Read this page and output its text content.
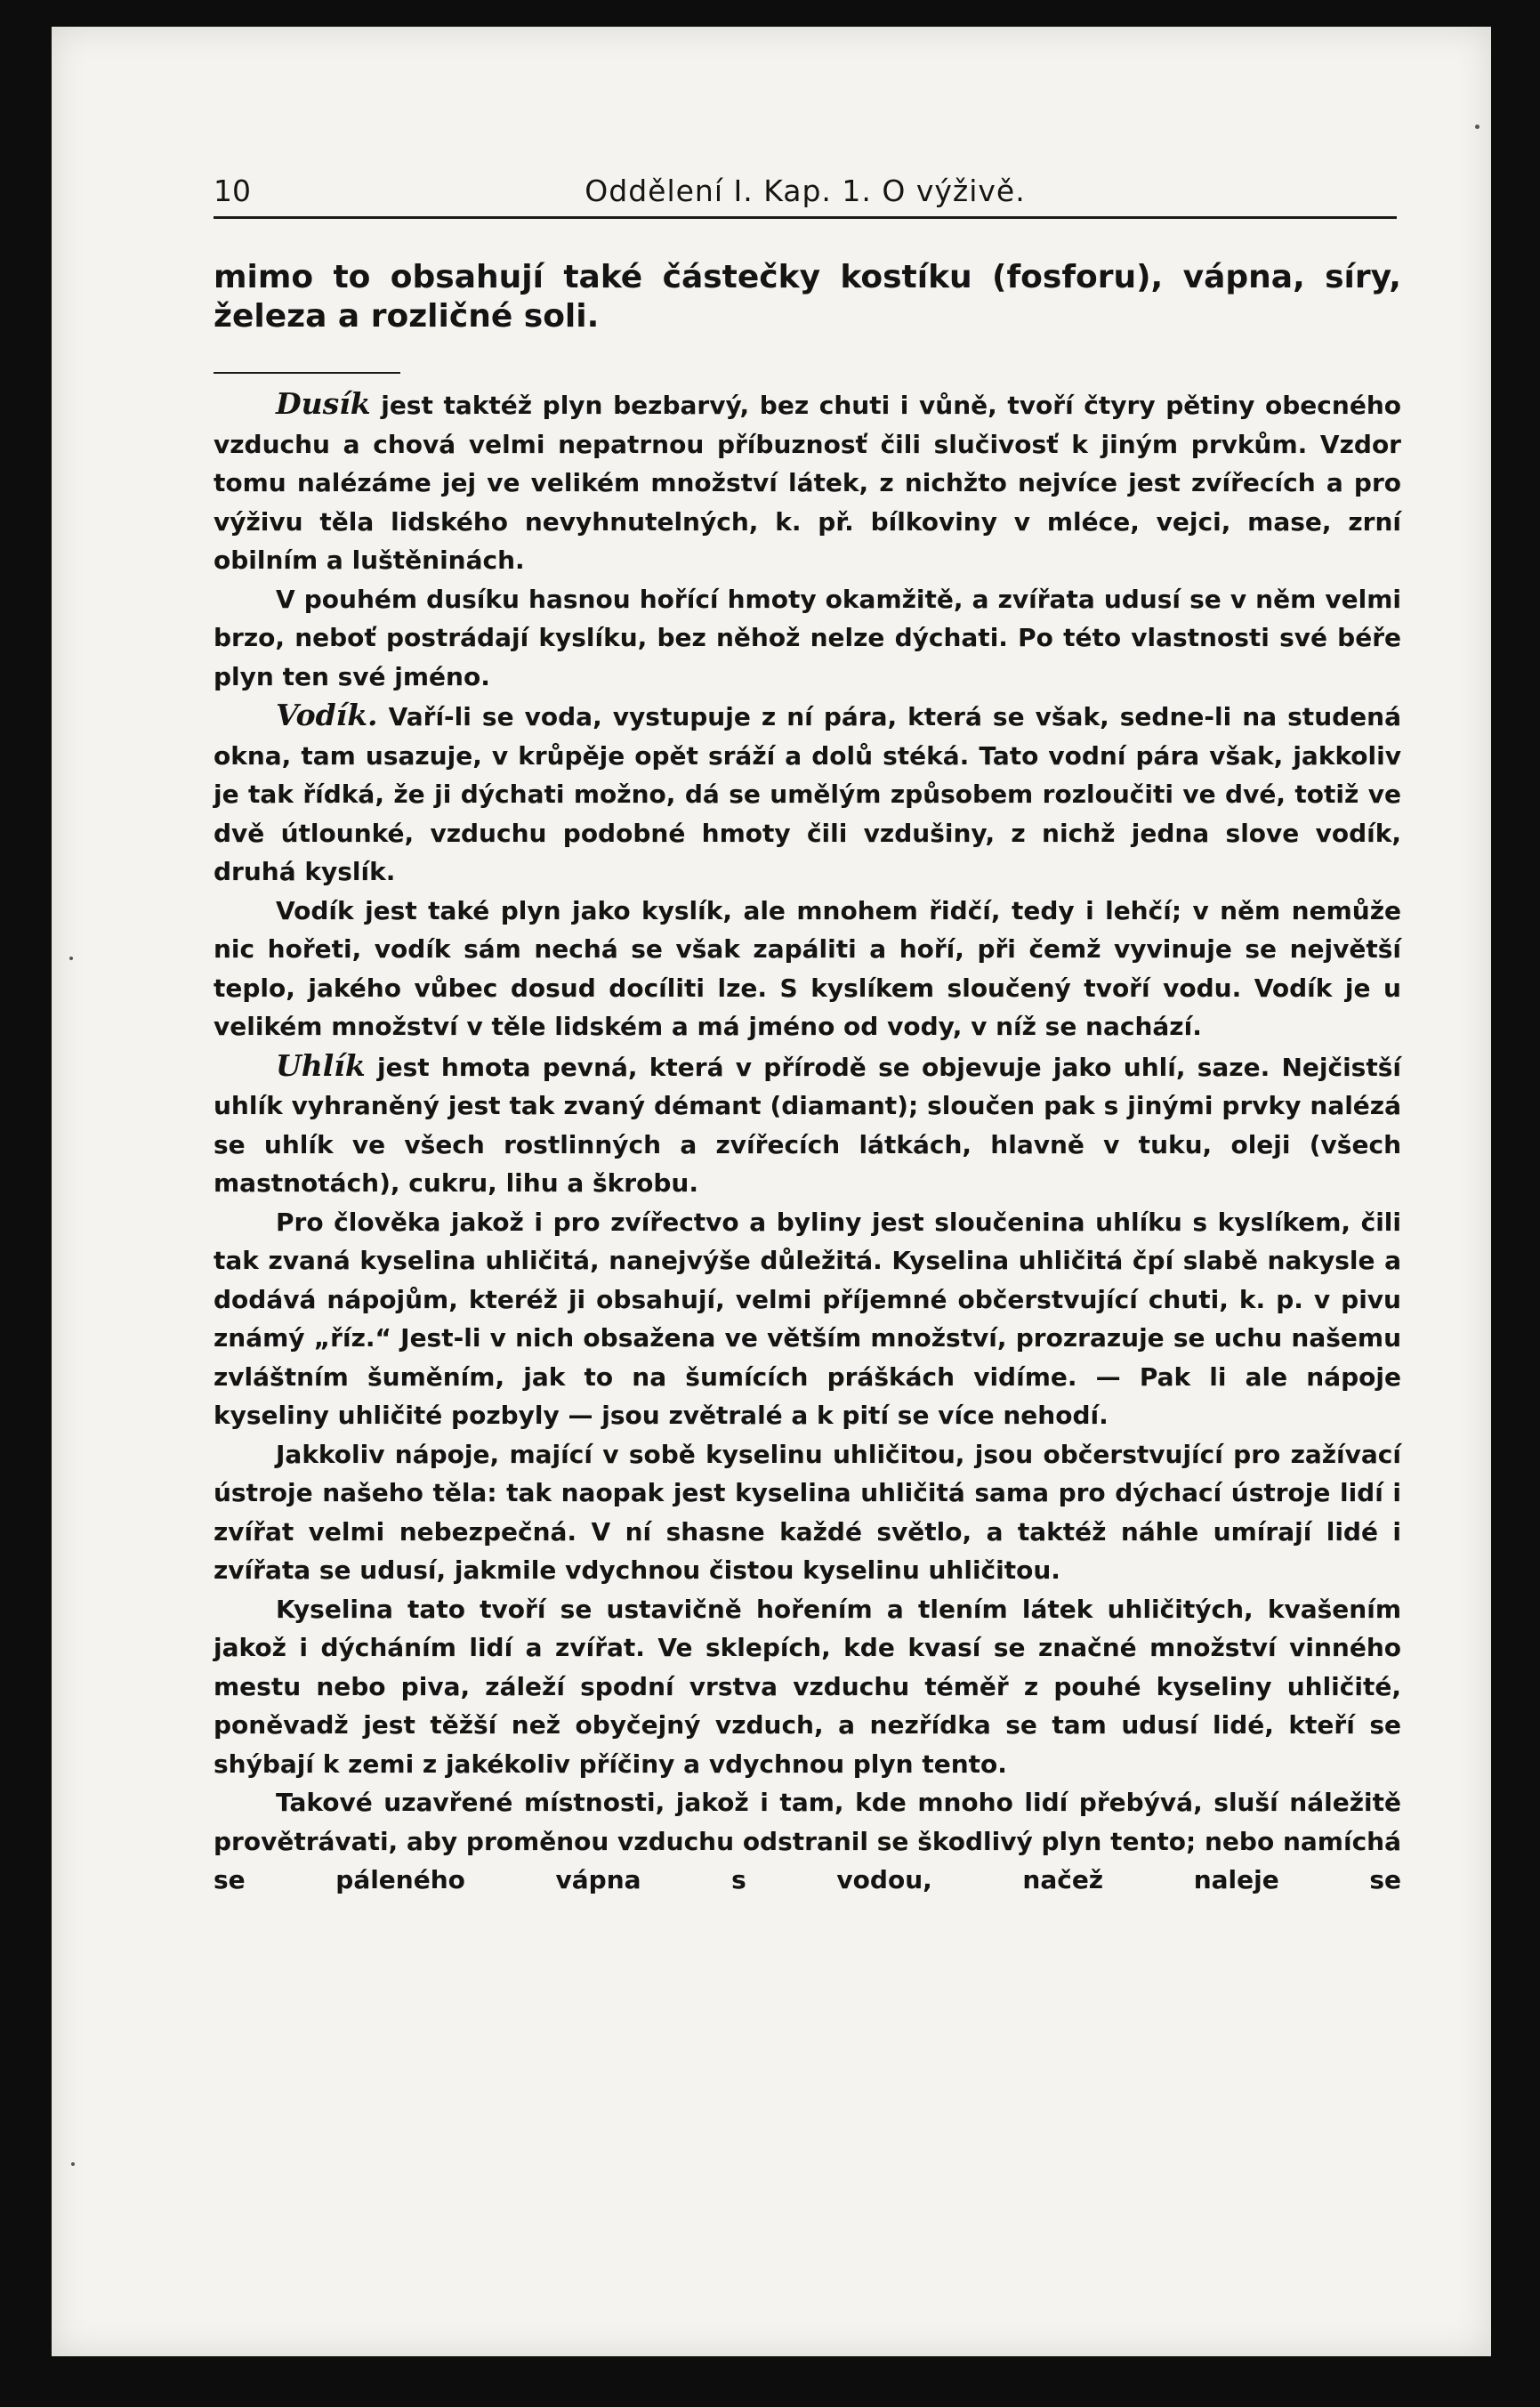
10	Oddělení I. Kap. 1. O výživě.

mimo to obsahují také částečky kostíku (fosforu), vápna, síry, železa a rozličné soli.

Dusík jest taktéž plyn bezbarvý, bez chuti i vůně, tvoří čtyry pětiny obecného vzduchu a chová velmi nepatrnou příbuznosť čili slučivosť k jiným prvkům. Vzdor tomu nalézáme jej ve velikém množství látek, z nichžto nejvíce jest zvířecích a pro výživu těla lidského nevyhnutelných, k. př. bílkoviny v mléce, vejci, mase, zrní obilním a luštěninách.

V pouhém dusíku hasnou hořící hmoty okamžitě, a zvířata udusí se v něm velmi brzo, neboť postrádají kyslíku, bez něhož nelze dýchati. Po této vlastnosti své béře plyn ten své jméno.

Vodík. Vaří-li se voda, vystupuje z ní pára, která se však, sedne-li na studená okna, tam usazuje, v krůpěje opět sráží a dolů stéká. Tato vodní pára však, jakkoliv je tak řídká, že ji dýchati možno, dá se umělým způsobem rozloučiti ve dvé, totiž ve dvě útlounké, vzduchu podobné hmoty čili vzdušiny, z nichž jedna slove vodík, druhá kyslík.

Vodík jest také plyn jako kyslík, ale mnohem řidčí, tedy i lehčí; v něm nemůže nic hořeti, vodík sám nechá se však zapáliti a hoří, při čemž vyvinuje se největší teplo, jakého vůbec dosud docíliti lze. S kyslíkem sloučený tvoří vodu. Vodík je u velikém množství v těle lidském a má jméno od vody, v níž se nachází.

Uhlík jest hmota pevná, která v přírodě se objevuje jako uhlí, saze. Nejčistší uhlík vyhraněný jest tak zvaný démant (diamant); sloučen pak s jinými prvky nalézá se uhlík ve všech rostlinných a zvířecích látkách, hlavně v tuku, oleji (všech mastnotách), cukru, lihu a škrobu.

Pro člověka jakož i pro zvířectvo a byliny jest sloučenina uhlíku s kyslíkem, čili tak zvaná kyselina uhličitá, nanejvýše důležitá. Kyselina uhličitá čpí slabě nakysle a dodává nápojům, kteréž ji obsahují, velmi příjemné občerstvující chuti, k. p. v pivu známý „říz.“ Jest-li v nich obsažena ve větším množství, prozrazuje se uchu našemu zvláštním šuměním, jak to na šumících práškách vidíme. — Pak li ale nápoje kyseliny uhličité pozbyly — jsou zvětralé a k pití se více nehodí.

Jakkoliv nápoje, mající v sobě kyselinu uhličitou, jsou občerstvující pro zažívací ústroje našeho těla: tak naopak jest kyselina uhličitá sama pro dýchací ústroje lidí i zvířat velmi nebezpečná. V ní shasne každé světlo, a taktéž náhle umírají lidé i zvířata se udusí, jakmile vdychnou čistou kyselinu uhličitou.

Kyselina tato tvoří se ustavičně hořením a tlením látek uhličitých, kvašením jakož i dýcháním lidí a zvířat. Ve sklepích, kde kvasí se značné množství vinného mestu nebo piva, záleží spodní vrstva vzduchu téměř z pouhé kyseliny uhličité, poněvadž jest těžší než obyčejný vzduch, a nezřídka se tam udusí lidé, kteří se shýbají k zemi z jakékoliv příčiny a vdychnou plyn tento.

Takové uzavřené místnosti, jakož i tam, kde mnoho lidí přebývá, sluší náležitě provětrávati, aby proměnou vzduchu odstranil se škodlivý plyn tento; nebo namíchá se páleného vápna s vodou, načež naleje se
